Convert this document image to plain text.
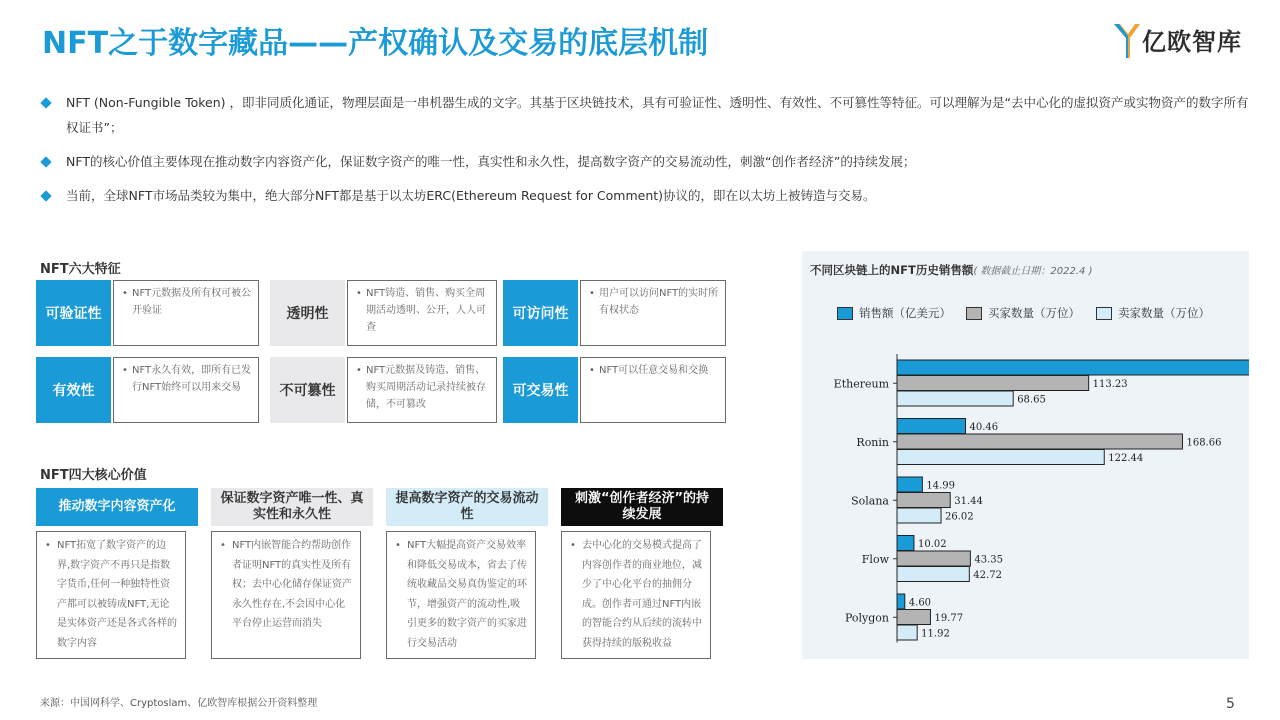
NFT之于数字藏品——产权确认及交易的底层机制	亿欧智库
NFT (Non-Fungible Token) ，即非同质化通证，物理层面是一串机器生成的文字。其基于区块链技术，具有可验证性、透明性、有效性、不可篡性等特征。可以理解为是“去中心化的虚拟资产或实物资产的数字所有权证书”；
NFT的核心价值主要体现在推动数字内容资产化，保证数字资产的唯一性，真实性和永久性，提高数字资产的交易流动性，刺激“创作者经济”的持续发展；
当前，全球NFT市场品类较为集中，绝大部分NFT都是基于以太坊ERC(Ethereum Request for Comment)协议的，即在以太坊上被铸造与交易。
NFT六大特征
可验证性
• NFT元数据及所有权可被公开验证	透明性
• NFT铸造、销售、购买全周期活动透明、公开，人人可查
可访问性
• 用户可以访问NFT的实时所有权状态
有效性
• NFT永久有效，即所有已发行NFT始终可以用来交易	不可篡性
• NFT元数据及铸造、销售、购买周期活动记录持续被存储，不可篡改
可交易性
• NFT可以任意交易和交换
NFT四大核心价值
推动数字内容资产化
保证数字资产唯一性、真实性和永久性
提高数字资产的交易流动性
刺激“创作者经济”的持续发展
• NFT拓宽了数字资产的边界,数字资产不再只是指数字货币,任何一种独特性资产都可以被铸成NFT,无论是实体资产还是各式各样的数字内容
• NFT内嵌智能合约帮助创作者证明NFT的真实性及所有权；去中心化储存保证资产永久性存在,不会因中心化平台停止运营而消失
• NFT大幅提高资产交易效率和降低交易成本，省去了传统收藏品交易真伪鉴定的环节，增强资产的流动性,吸引更多的数字资产的买家进行交易活动
• 去中心化的交易模式提高了内容创作者的商业地位，减少了中心化平台的抽佣分成。创作者可通过NFT内嵌的智能合约从后续的流转中获得持续的版税收益
不同区块链上的NFT历史销售额( 数据截止日期：2022.4 )
销售额（亿美元）	买家数量（万位）	卖家数量（万位）
Ethereum	113.23
68.65
Ronin
40.46
168.66
122.44
Solana
14.99
31.44
26.02
Flow
10.02
43.35
42.72
Polygon
4.60
19.77
11.92
来源：中国网科学、Cryptoslam、亿欧智库根据公开资料整理	5
